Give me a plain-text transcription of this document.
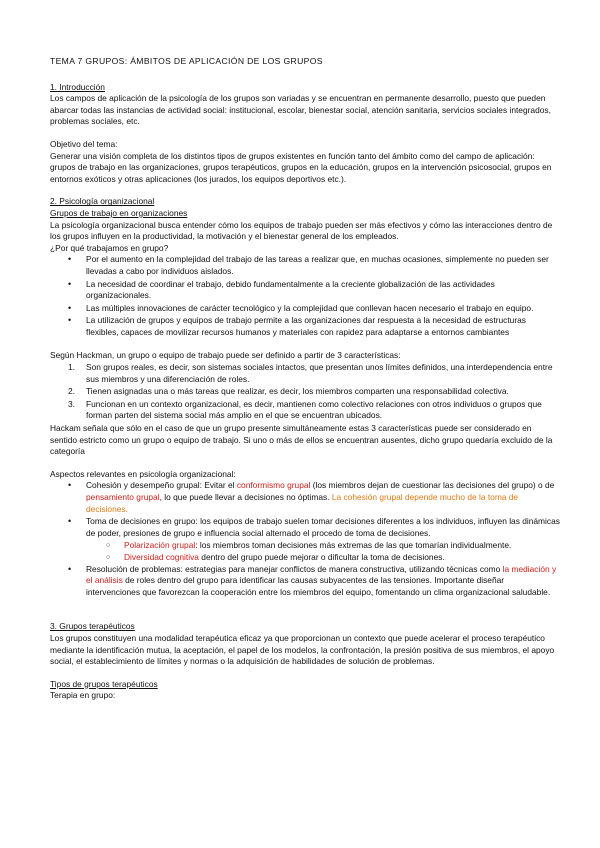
TEMA 7 GRUPOS: ÁMBITOS DE APLICACIÓN DE LOS GRUPOS

1. Introducción

Los campos de aplicación de la psicología de los grupos son variadas y se encuentran en permanente desarrollo, puesto que pueden abarcar todas las instancias de actividad social: institucional, escolar, bienestar social, atención sanitaria, servicios sociales integrados, problemas sociales, etc.

Objetivo del tema:

Generar una visión completa de los distintos tipos de grupos existentes en función tanto del ámbito como del campo de aplicación: grupos de trabajo en las organizaciones, grupos terapéuticos, grupos en la educación, grupos en la intervención psicosocial, grupos en entornos exóticos y otras aplicaciones (los jurados, los equipos deportivos etc.).

2. Psicología organizacional

Grupos de trabajo en organizaciones

La psicología organizacional busca entender cómo los equipos de trabajo pueden ser más efectivos y cómo las interacciones dentro de los grupos influyen en la productividad, la motivación y el bienestar general de los empleados.

¿Por qué trabajamos en grupo?

• Por el aumento en la complejidad del trabajo de las tareas a realizar que, en muchas ocasiones, simplemente no pueden ser llevadas a cabo por individuos aislados.

• La necesidad de coordinar el trabajo, debido fundamentalmente a la creciente globalización de las actividades organizacionales.

• Las múltiples innovaciones de carácter tecnológico y la complejidad que conllevan hacen necesario el trabajo en equipo.

• La utilización de grupos y equipos de trabajo permite a las organizaciones dar respuesta a la necesidad de estructuras flexibles, capaces de movilizar recursos humanos y materiales con rapidez para adaptarse a entornos cambiantes

Según Hackman, un grupo o equipo de trabajo puede ser definido a partir de 3 características:

1. Son grupos reales, es decir, son sistemas sociales intactos, que presentan unos límites definidos, una interdependencia entre sus miembros y una diferenciación de roles.

2. Tienen asignadas una o más tareas que realizar, es decir, los miembros comparten una responsabilidad colectiva.

3. Funcionan en un contexto organizacional, es decir, mantienen como colectivo relaciones con otros individuos o grupos que forman parten del sistema social más amplio en el que se encuentran ubicados.

Hackam señala que sólo en el caso de que un grupo presente simultáneamente estas 3 características puede ser considerado en sentido estricto como un grupo o equipo de trabajo. Si uno o más de ellos se encuentran ausentes, dicho grupo quedaría excluido de la categoría

Aspectos relevantes en psicología organizacional:

• Cohesión y desempeño grupal: Evitar el conformismo grupal (los miembros dejan de cuestionar las decisiones del grupo) o de pensamiento grupal, lo que puede llevar a decisiones no óptimas. La cohesión grupal depende mucho de la toma de decisiones.

• Toma de decisiones en grupo: los equipos de trabajo suelen tomar decisiones diferentes a los individuos, influyen las dinámicas de poder, presiones de grupo e influencia social alternado el procedo de toma de decisiones.

○ Polarización grupal: los miembros toman decisiones más extremas de las que tomarían individualmente.

○ Diversidad cognitiva dentro del grupo puede mejorar o dificultar la toma de decisiones.

• Resolución de problemas: estrategias para manejar conflictos de manera constructiva, utilizando técnicas como la mediación y el análisis de roles dentro del grupo para identificar las causas subyacentes de las tensiones. Importante diseñar intervenciones que favorezcan la cooperación entre los miembros del equipo, fomentando un clima organizacional saludable.

3. Grupos terapéuticos

Los grupos constituyen una modalidad terapéutica eficaz ya que proporcionan un contexto que puede acelerar el proceso terapéutico mediante la identificación mutua, la aceptación, el papel de los modelos, la confrontación, la presión positiva de sus miembros, el apoyo social, el establecimiento de límites y normas o la adquisición de habilidades de solución de problemas.

Tipos de grupos terapéuticos

Terapia en grupo:
